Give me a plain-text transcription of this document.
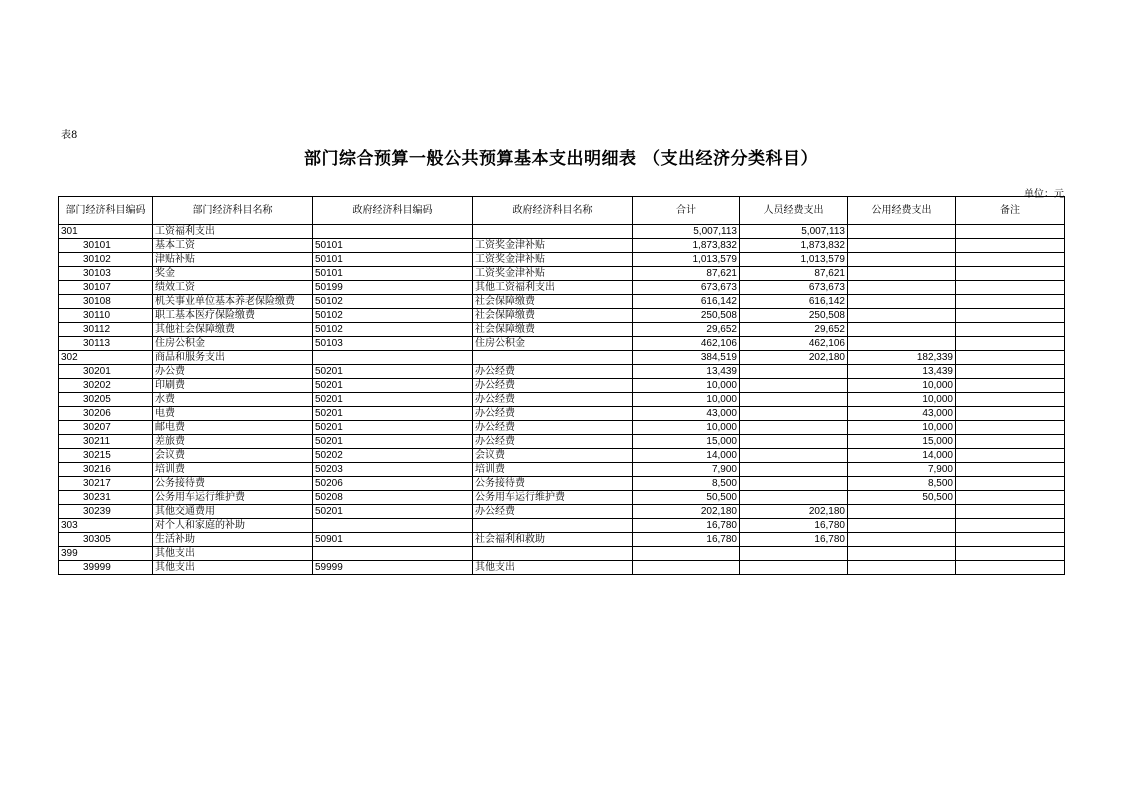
表8
部门综合预算一般公共预算基本支出明细表 （支出经济分类科目）
单位：元
部门经济科目编码	部门经济科目名称	政府经济科目编码	政府经济科目名称	合计	人员经费支出	公用经费支出	备注
301	工资福利支出			5,007,113	5,007,113		
30101	基本工资	50101	工资奖金津补贴	1,873,832	1,873,832		
30102	津贴补贴	50101	工资奖金津补贴	1,013,579	1,013,579		
30103	奖金	50101	工资奖金津补贴	87,621	87,621		
30107	绩效工资	50199	其他工资福利支出	673,673	673,673		
30108	机关事业单位基本养老保险缴费	50102	社会保障缴费	616,142	616,142		
30110	职工基本医疗保险缴费	50102	社会保障缴费	250,508	250,508		
30112	其他社会保障缴费	50102	社会保障缴费	29,652	29,652		
30113	住房公积金	50103	住房公积金	462,106	462,106		
302	商品和服务支出			384,519	202,180	182,339	
30201	办公费	50201	办公经费	13,439		13,439	
30202	印刷费	50201	办公经费	10,000		10,000	
30205	水费	50201	办公经费	10,000		10,000	
30206	电费	50201	办公经费	43,000		43,000	
30207	邮电费	50201	办公经费	10,000		10,000	
30211	差旅费	50201	办公经费	15,000		15,000	
30215	会议费	50202	会议费	14,000		14,000	
30216	培训费	50203	培训费	7,900		7,900	
30217	公务接待费	50206	公务接待费	8,500		8,500	
30231	公务用车运行维护费	50208	公务用车运行维护费	50,500		50,500	
30239	其他交通费用	50201	办公经费	202,180	202,180		
303	对个人和家庭的补助			16,780	16,780		
30305	生活补助	50901	社会福利和救助	16,780	16,780		
399	其他支出						
39999	其他支出	59999	其他支出				
